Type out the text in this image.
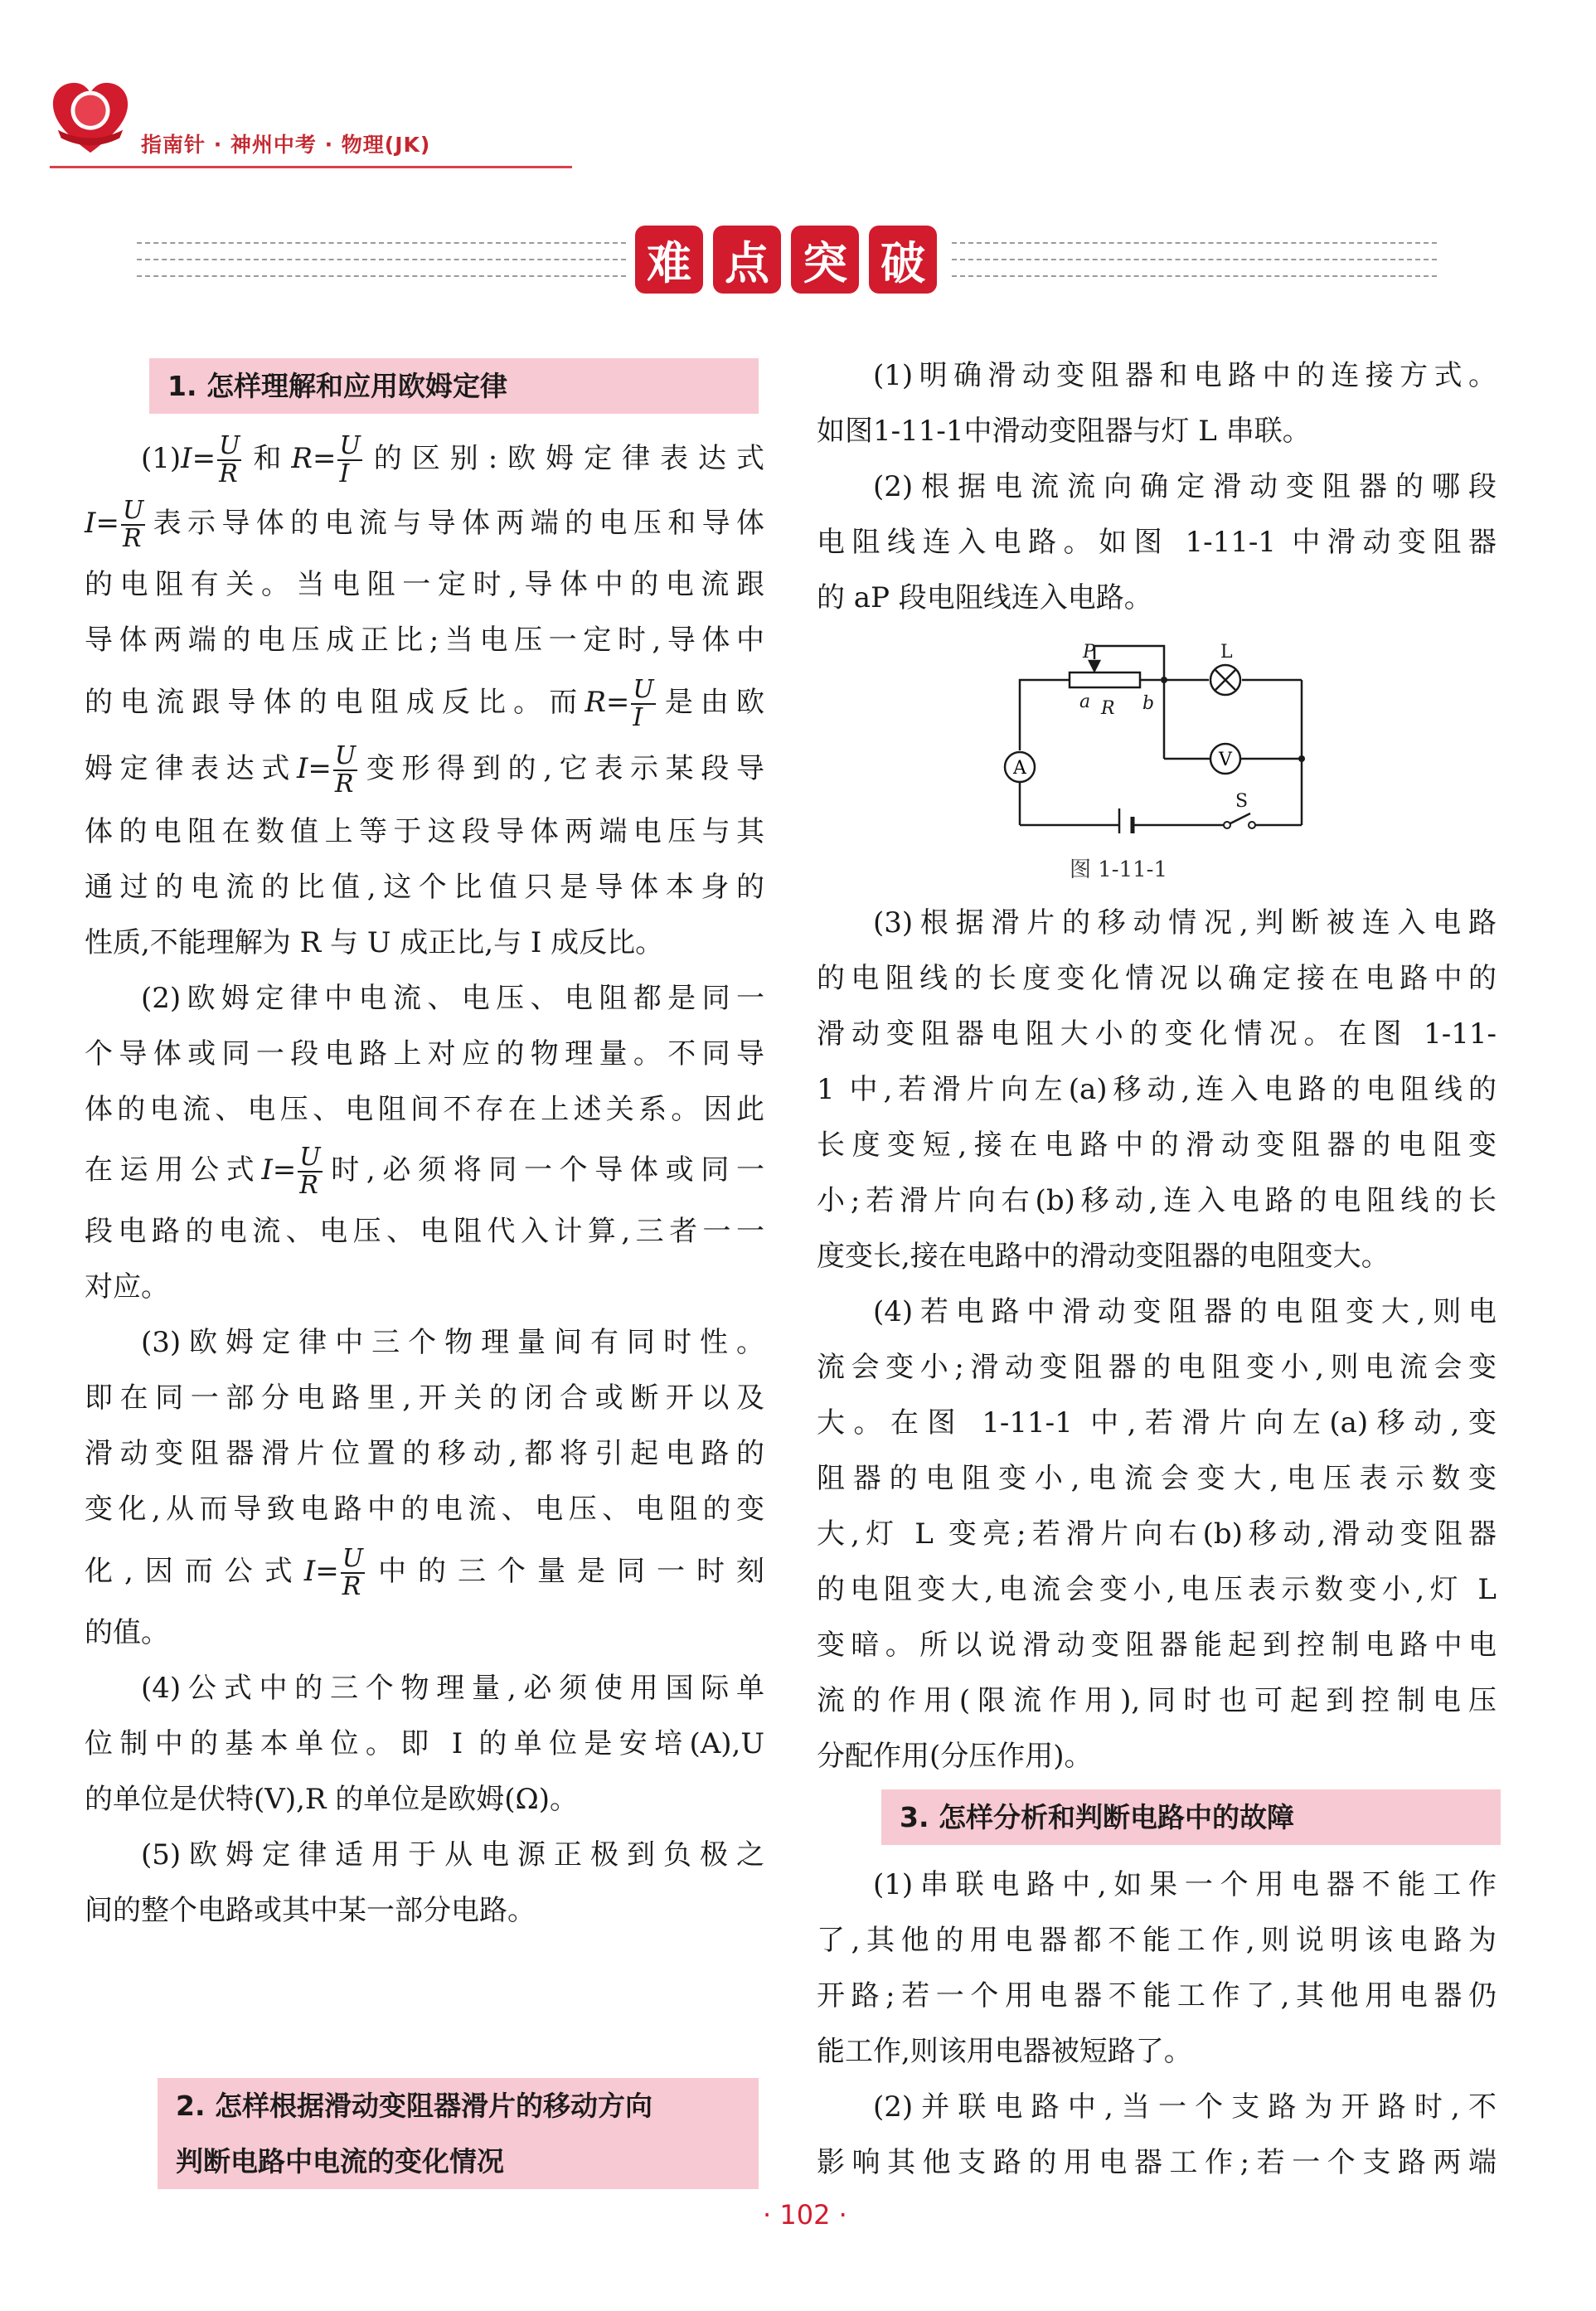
指南针 · 神州中考 · 物理(JK)
难 点 突 破
1. 怎样理解和应用欧姆定律
$(1)I= \frac{U}{R}$ 和$R= \frac{U}{I}$ 的区别:欧姆定律表达式
$I= \frac{U}{R}$ 表示导体的电流与导体两端的电压和导体
的电阻有关。当电阻一定时,导体中的电流跟
导体两端的电压成正比;当电压一定时,导体中
的电流跟导体的电阻成反比。而$R= \frac{U}{I}$ 是由欧
姆定律表达式$I= \frac{U}{R}$ 变形得到的,它表示某段导
体的电阻在数值上等于这段导体两端电压与其
通过的电流的比值,这个比值只是导体本身的
性质,不能理解为 R 与 U 成正比,与 I 成反比。
(2)欧姆定律中电流、电压、电阻都是同一
个导体或同一段电路上对应的物理量。不同导
体的电流、电压、电阻间不存在上述关系。因此
在运用公式$I= \frac{U}{R}$ 时,必须将同一个导体或同一
段电路的电流、电压、电阻代入计算,三者一一
对应。
(3)欧姆定律中三个物理量间有同时性。
即在同一部分电路里,开关的闭合或断开以及
滑动变阻器滑片位置的移动,都将引起电路的
变化,从而导致电路中的电流、电压、电阻的变
化,因而公式$I= \frac{U}{R}$ 中的三个量是同一时刻
的值。
(4)公式中的三个物理量,必须使用国际单
位制中的基本单位。即 I 的单位是安培(A),U
的单位是伏特(V),R 的单位是欧姆(Ω)。
(5)欧姆定律适用于从电源正极到负极之
间的整个电路或其中某一部分电路。
2. 怎样根据滑动变阻器滑片的移动方向
判断电路中电流的变化情况
(1)明确滑动变阻器和电路中的连接方式。
如图1-11-1中滑动变阻器与灯 L 串联。
(2)根据电流流向确定滑动变阻器的哪段
电阻线连入电路。如图 1-11-1 中滑动变阻器
的 aP 段电阻线连入电路。
V
A
P
a R b
L
S
图 1-11-1
(3)根据滑片的移动情况,判断被连入电路
的电阻线的长度变化情况以确定接在电路中的
滑动变阻器电阻大小的变化情况。在图 1-11-
1 中,若滑片向左(a)移动,连入电路的电阻线的
长度变短,接在电路中的滑动变阻器的电阻变
小;若滑片向右(b)移动,连入电路的电阻线的长
度变长,接在电路中的滑动变阻器的电阻变大。
(4)若电路中滑动变阻器的电阻变大,则电
流会变小;滑动变阻器的电阻变小,则电流会变
大。在图 1-11-1 中,若滑片向左(a)移动,变
阻器的电阻变小,电流会变大,电压表示数变
大,灯 L 变亮;若滑片向右(b)移动,滑动变阻器
的电阻变大,电流会变小,电压表示数变小,灯 L
变暗。所以说滑动变阻器能起到控制电路中电
流的作用(限流作用),同时也可起到控制电压
分配作用(分压作用)。
3. 怎样分析和判断电路中的故障
(1)串联电路中,如果一个用电器不能工作
了,其他的用电器都不能工作,则说明该电路为
开路;若一个用电器不能工作了,其他用电器仍
能工作,则该用电器被短路了。
(2)并联电路中,当一个支路为开路时,不
影响其他支路的用电器工作;若一个支路两端
· 102 ·
